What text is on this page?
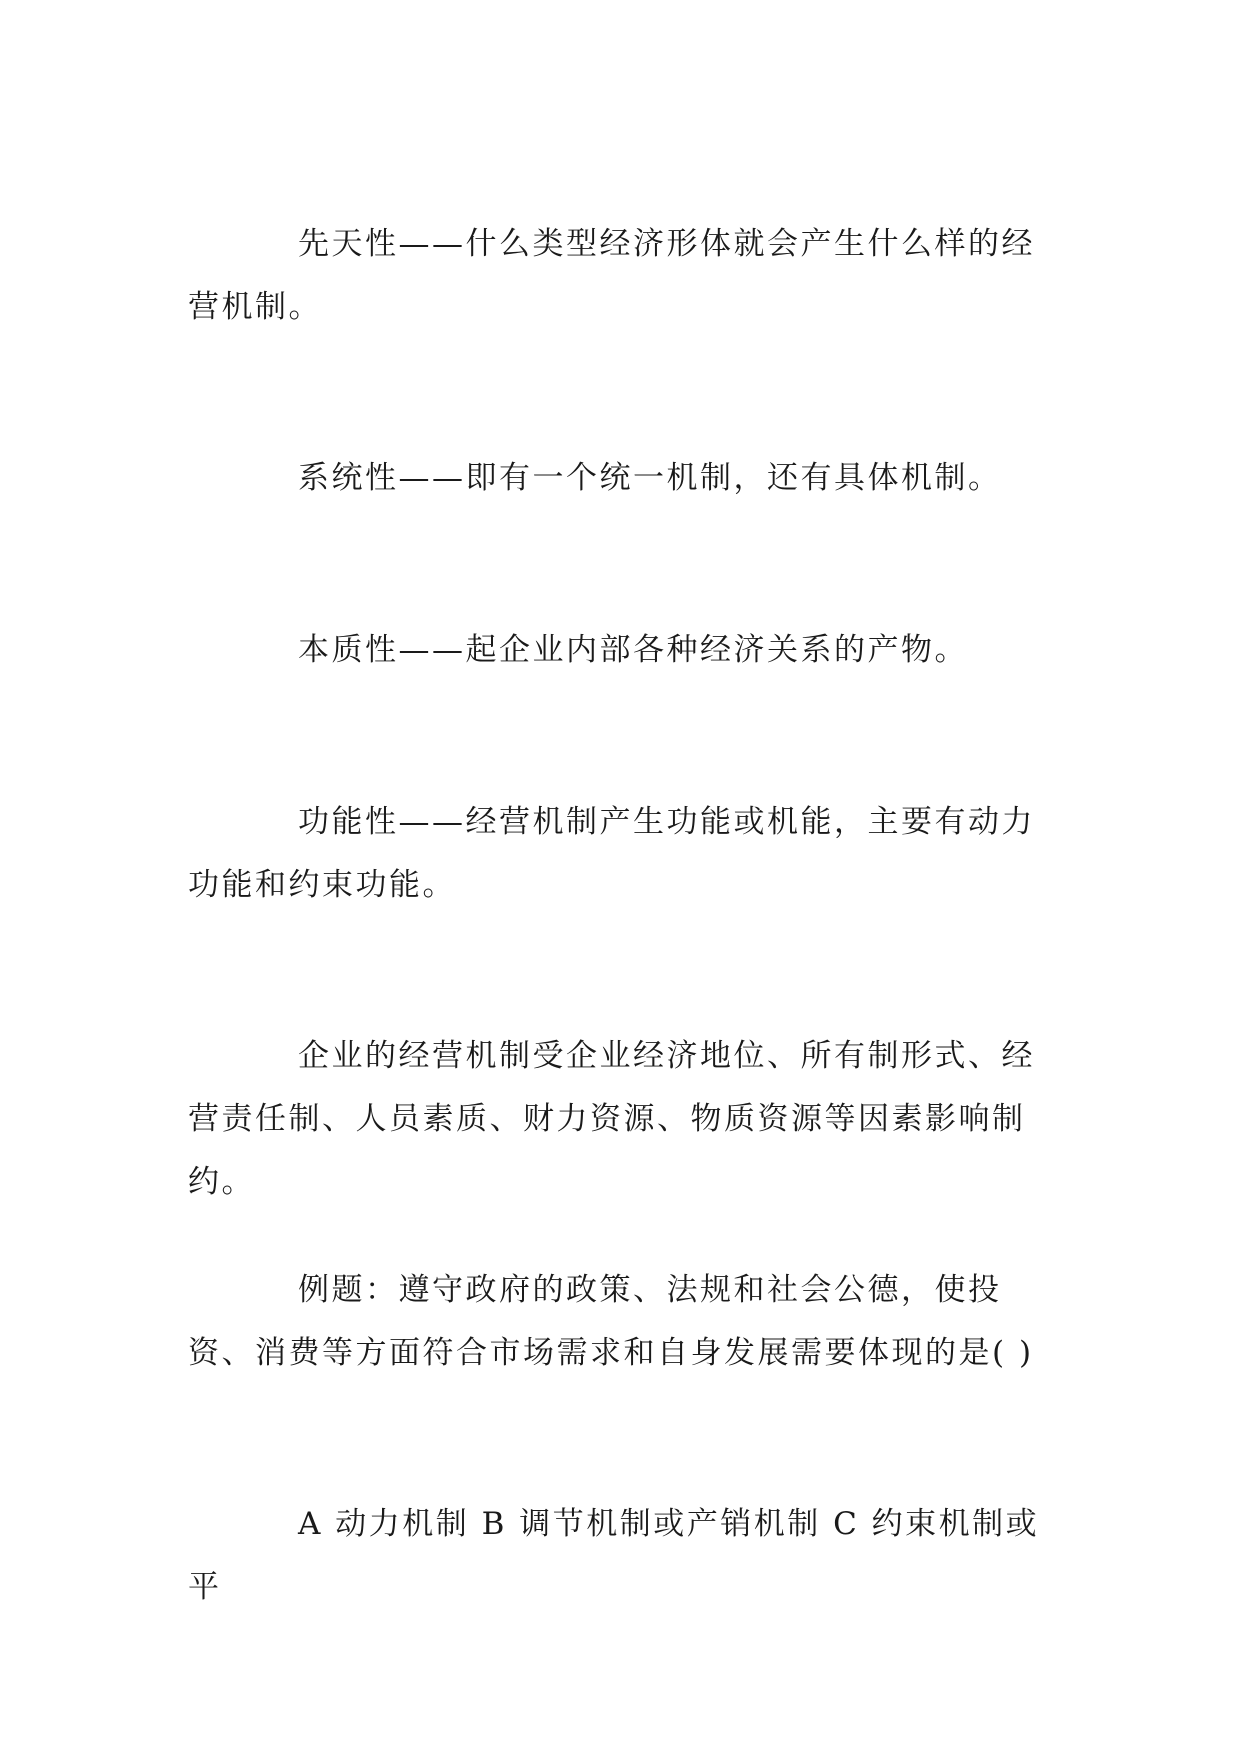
先天性——什么类型经济形体就会产生什么样的经营机制。

系统性——即有一个统一机制，还有具体机制。

本质性——起企业内部各种经济关系的产物。

功能性——经营机制产生功能或机能，主要有动力功能和约束功能。

企业的经营机制受企业经济地位、所有制形式、经营责任制、人员素质、财力资源、物质资源等因素影响制约。

例题：遵守政府的政策、法规和社会公德，使投资、消费等方面符合市场需求和自身发展需要体现的是( )

A 动力机制 B 调节机制或产销机制 C 约束机制或平
